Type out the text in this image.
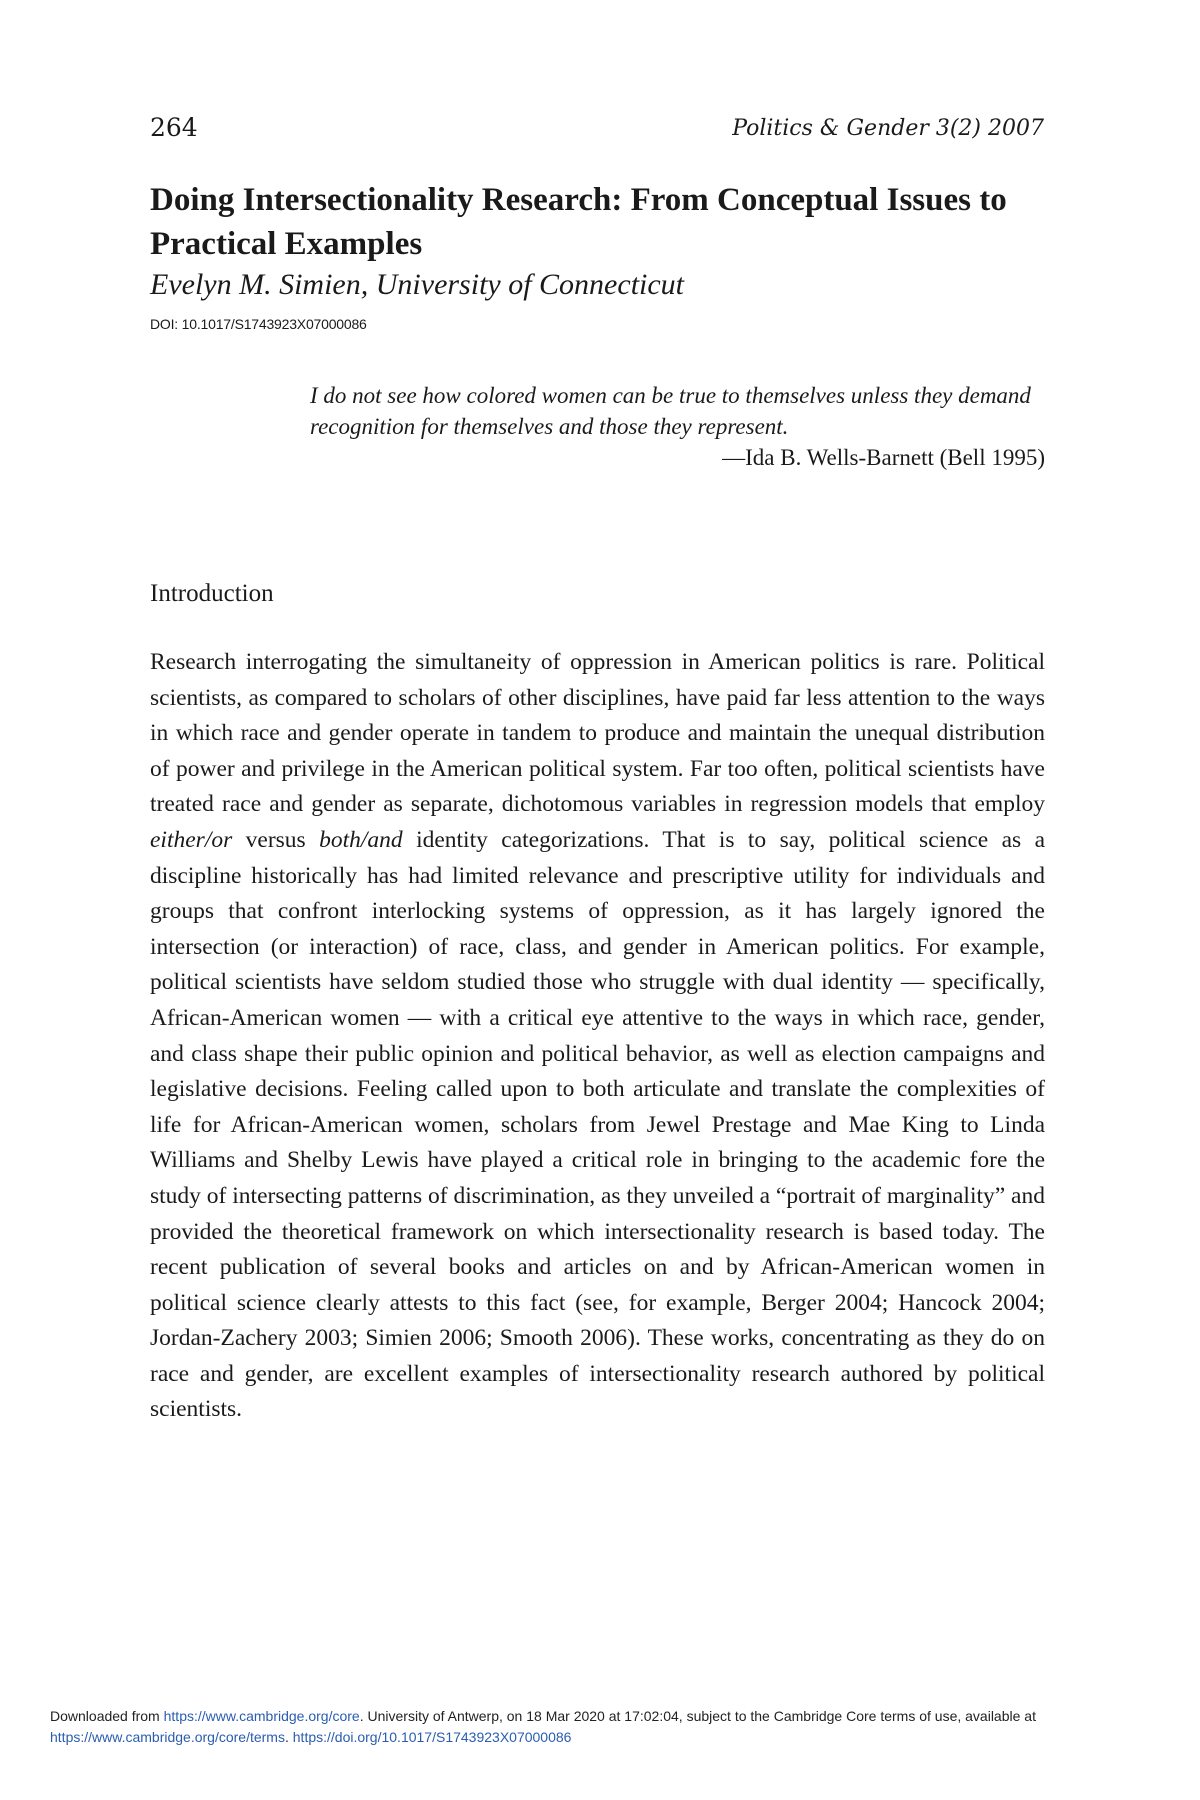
264	Politics & Gender 3(2) 2007
Doing Intersectionality Research: From Conceptual Issues to Practical Examples
Evelyn M. Simien, University of Connecticut
DOI: 10.1017/S1743923X07000086
I do not see how colored women can be true to themselves unless they demand recognition for themselves and those they represent.
—Ida B. Wells-Barnett (Bell 1995)
Introduction

Research interrogating the simultaneity of oppression in American politics is rare. Political scientists, as compared to scholars of other disciplines, have paid far less attention to the ways in which race and gender operate in tandem to produce and maintain the unequal distribution of power and privilege in the American political system. Far too often, political scientists have treated race and gender as separate, dichotomous variables in regression models that employ either/or versus both/and identity categorizations. That is to say, political science as a discipline historically has had limited relevance and prescriptive utility for individuals and groups that confront interlocking systems of oppression, as it has largely ignored the intersection (or interaction) of race, class, and gender in American politics. For example, political scientists have seldom studied those who struggle with dual identity — specifically, African-American women — with a critical eye attentive to the ways in which race, gender, and class shape their public opinion and political behavior, as well as election campaigns and legislative decisions. Feeling called upon to both articulate and translate the complexities of life for African-American women, scholars from Jewel Prestage and Mae King to Linda Williams and Shelby Lewis have played a critical role in bringing to the academic fore the study of intersecting patterns of discrimination, as they unveiled a “portrait of marginality” and provided the theoretical framework on which intersectionality research is based today. The recent publication of several books and articles on and by African-American women in political science clearly attests to this fact (see, for example, Berger 2004; Hancock 2004; Jordan-Zachery 2003; Simien 2006; Smooth 2006). These works, concentrating as they do on race and gender, are excellent examples of intersectionality research authored by political scientists.

Downloaded from https://www.cambridge.org/core. University of Antwerp, on 18 Mar 2020 at 17:02:04, subject to the Cambridge Core terms of use, available at https://www.cambridge.org/core/terms. https://doi.org/10.1017/S1743923X07000086
